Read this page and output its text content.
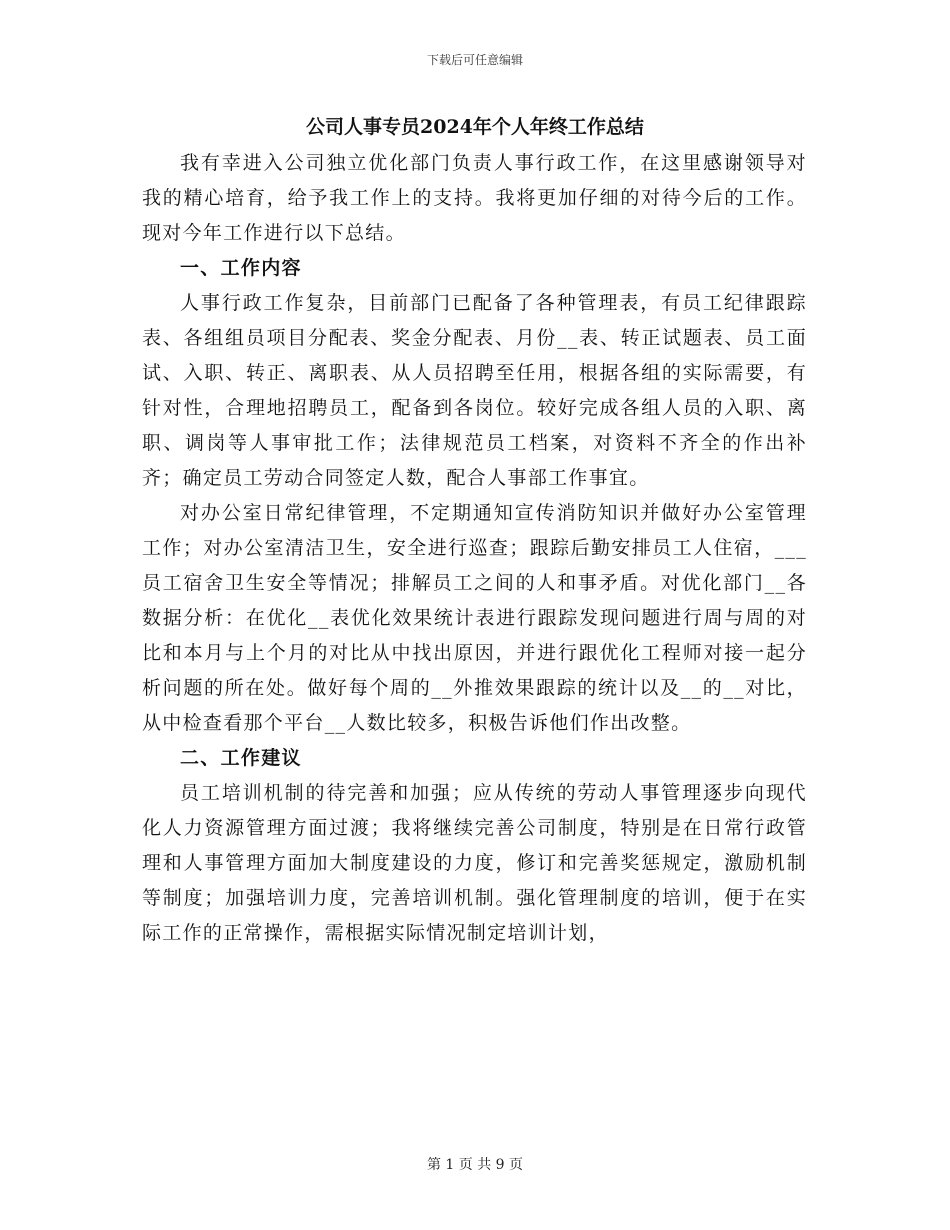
下载后可任意编辑
公司人事专员2024年个人年终工作总结

我有幸进入公司独立优化部门负责人事行政工作，在这里感谢领导对我的精心培育，给予我工作上的支持。我将更加仔细的对待今后的工作。现对今年工作进行以下总结。

一、工作内容

人事行政工作复杂，目前部门已配备了各种管理表，有员工纪律跟踪表、各组组员项目分配表、奖金分配表、月份__表、转正试题表、员工面试、入职、转正、离职表、从人员招聘至任用，根据各组的实际需要，有针对性，合理地招聘员工，配备到各岗位。较好完成各组人员的入职、离职、调岗等人事审批工作；法律规范员工档案，对资料不齐全的作出补齐；确定员工劳动合同签定人数，配合人事部工作事宜。

对办公室日常纪律管理，不定期通知宣传消防知识并做好办公室管理工作；对办公室清洁卫生，安全进行巡查；跟踪后勤安排员工人住宿，___员工宿舍卫生安全等情况；排解员工之间的人和事矛盾。对优化部门__各数据分析：在优化__表优化效果统计表进行跟踪发现问题进行周与周的对比和本月与上个月的对比从中找出原因，并进行跟优化工程师对接一起分析问题的所在处。做好每个周的__外推效果跟踪的统计以及__的__对比，从中检查看那个平台__人数比较多，积极告诉他们作出改整。

二、工作建议

员工培训机制的待完善和加强；应从传统的劳动人事管理逐步向现代化人力资源管理方面过渡；我将继续完善公司制度，特别是在日常行政管理和人事管理方面加大制度建设的力度，修订和完善奖惩规定，激励机制等制度；加强培训力度，完善培训机制。强化管理制度的培训，便于在实际工作的正常操作，需根据实际情况制定培训计划，

第 1 页 共 9 页
